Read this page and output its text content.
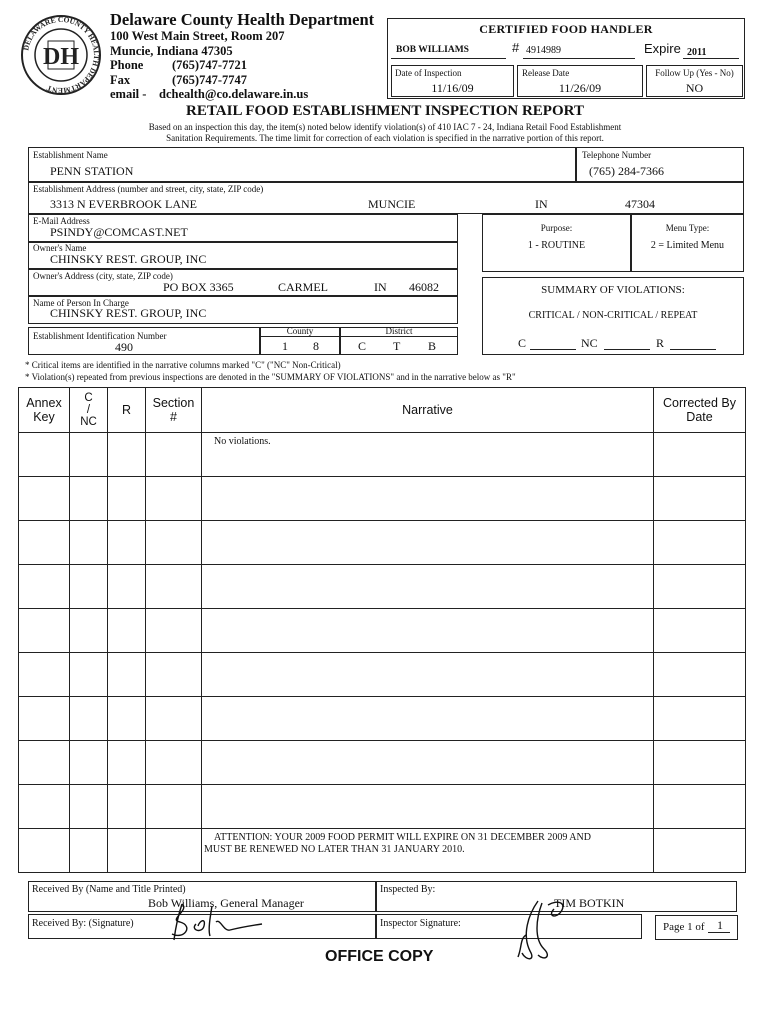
DH
DELAWARE COUNTY HEALTH DEPARTMENT
Delaware County Health Department
100 West Main Street, Room 207
Muncie, Indiana 47305
Phone (765)747-7721
Fax	(765)747-7747
email - dchealth@co.delaware.in.us
CERTIFIED FOOD HANDLER
BOB WILLIAMS	# 4914989	Expire 2011
Date of Inspection
11/16/09
Release Date
11/26/09
Follow Up (Yes - No)
NO
RETAIL FOOD ESTABLISHMENT INSPECTION REPORT
Based on an inspection this day, the item(s) noted below identify violation(s) of 410 IAC 7 - 24, Indiana Retail Food Establishment
Sanitation Requirements. The time limit for correction of each violation is specified in the narrative portion of this report.
Establishment Name
PENN STATION
Telephone Number
(765) 284-7366
Establishment Address (number and street, city, state, ZIP code)
3313 N EVERBROOK LANE	MUNCIE	IN	47304
E-Mail Address
PSINDY@COMCAST.NET
Owner's Name
CHINSKY REST. GROUP, INC
Owner's Address (city, state, ZIP code)
PO BOX 3365	CARMEL	IN 46082
Name of Person In Charge
CHINSKY REST. GROUP, INC
Establishment Identification Number
490
County
1 8
District
C T B
Purpose:
1 - ROUTINE
Menu Type:
2 = Limited Menu
SUMMARY OF VIOLATIONS:
CRITICAL / NON-CRITICAL / REPEAT
C	NC	R
* Critical items are identified in the narrative columns marked "C" ("NC" Non-Critical)
* Violation(s) repeated from previous inspections are denoted in the "SUMMARY OF VIOLATIONS" and in the narrative below as "R"
Annex
Key	C
/
NC	R	Section
#	Narrative	Corrected By
Date

				No violations.	

				ATTENTION: YOUR 2009 FOOD PERMIT WILL EXPIRE ON 31 DECEMBER 2009 AND
MUST BE RENEWED NO LATER THAN 31 JANUARY 2010.	

Received By (Name and Title Printed)
Bob Williams, General Manager
Inspected By:
TIM BOTKIN
Received By: (Signature)	Inspector Signature:	Page 1 of 1
OFFICE COPY
